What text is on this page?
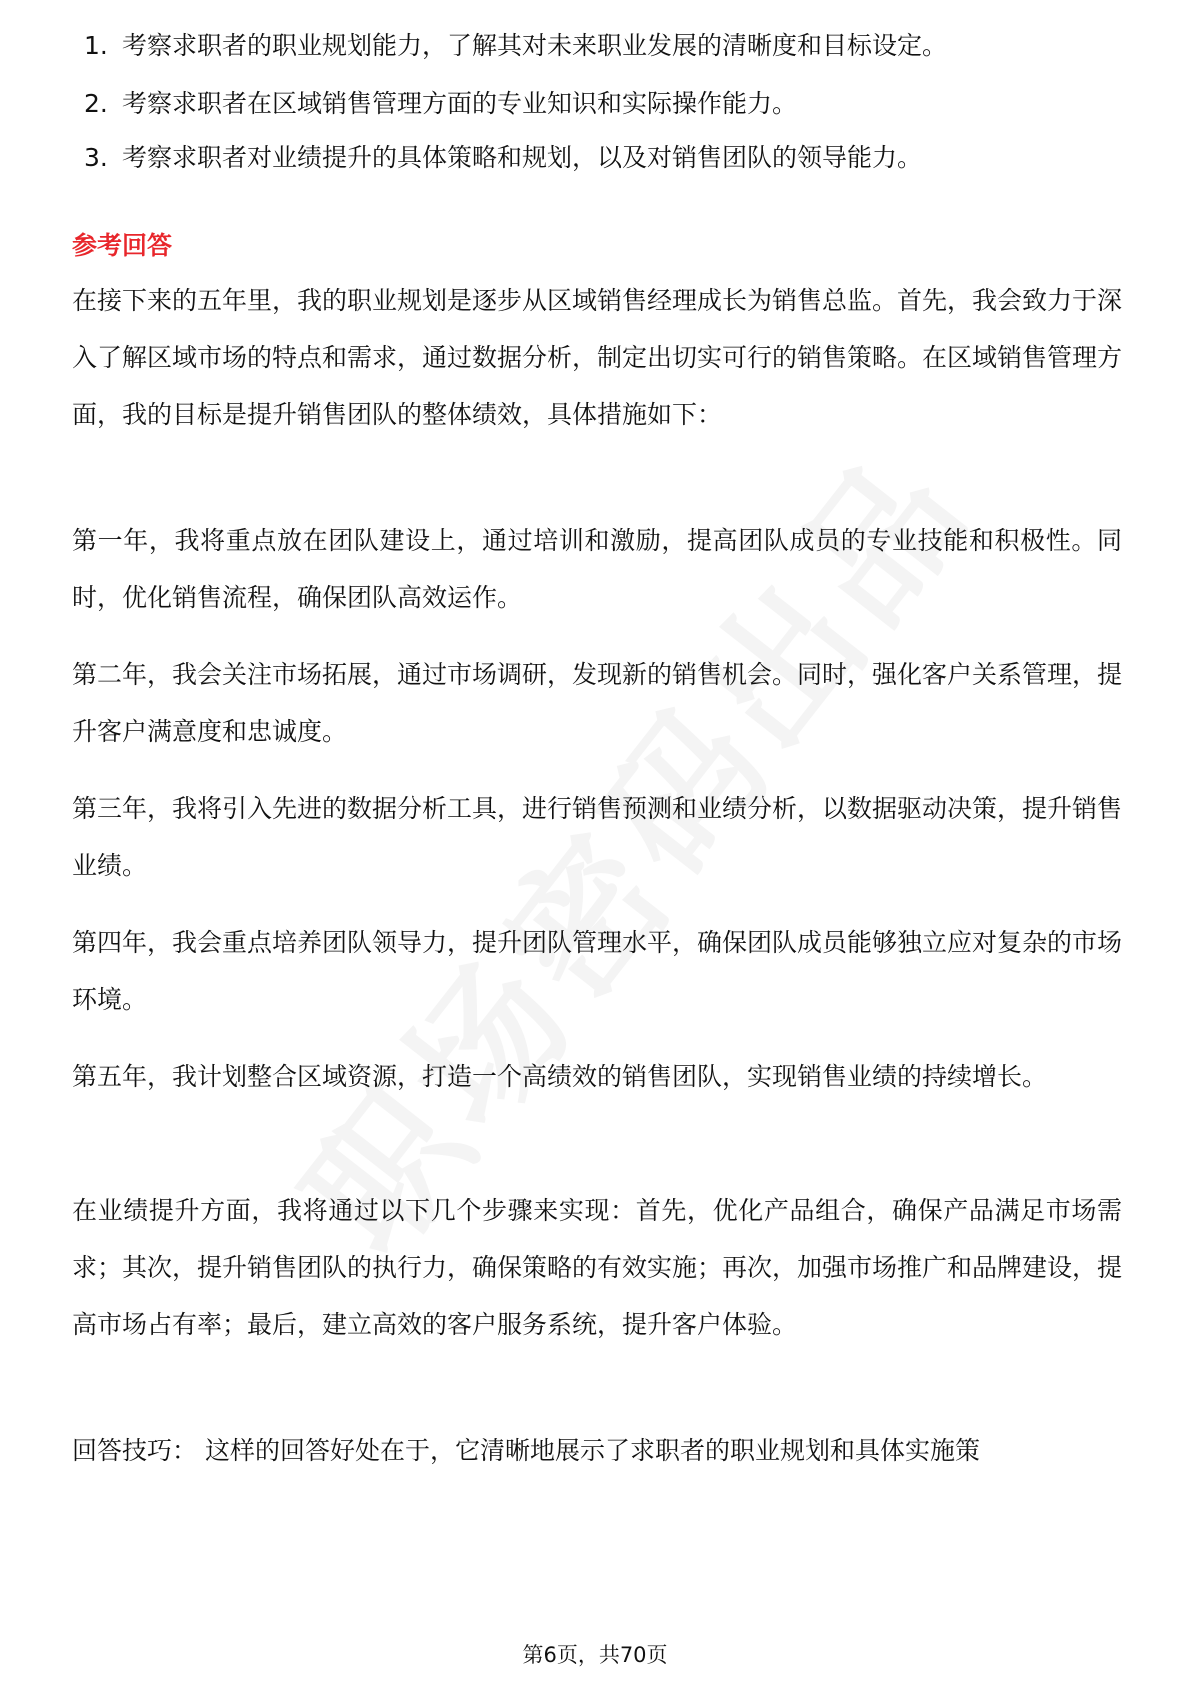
1. 考察求职者的职业规划能力，了解其对未来职业发展的清晰度和目标设定。
2. 考察求职者在区域销售管理方面的专业知识和实际操作能力。
3. 考察求职者对业绩提升的具体策略和规划，以及对销售团队的领导能力。
参考回答

在接下来的五年里，我的职业规划是逐步从区域销售经理成长为销售总监。首先，我会致力于深入了解区域市场的特点和需求，通过数据分析，制定出切实可行的销售策略。在区域销售管理方面，我的目标是提升销售团队的整体绩效，具体措施如下：

第一年，我将重点放在团队建设上，通过培训和激励，提高团队成员的专业技能和积极性。同时，优化销售流程，确保团队高效运作。

第二年，我会关注市场拓展，通过市场调研，发现新的销售机会。同时，强化客户关系管理，提升客户满意度和忠诚度。

第三年，我将引入先进的数据分析工具，进行销售预测和业绩分析，以数据驱动决策，提升销售业绩。

第四年，我会重点培养团队领导力，提升团队管理水平，确保团队成员能够独立应对复杂的市场环境。

第五年，我计划整合区域资源，打造一个高绩效的销售团队，实现销售业绩的持续增长。

在业绩提升方面，我将通过以下几个步骤来实现：首先，优化产品组合，确保产品满足市场需求；其次，提升销售团队的执行力，确保策略的有效实施；再次，加强市场推广和品牌建设，提高市场占有率；最后，建立高效的客户服务系统，提升客户体验。

回答技巧： 这样的回答好处在于，它清晰地展示了求职者的职业规划和具体实施策

第6页，共70页
